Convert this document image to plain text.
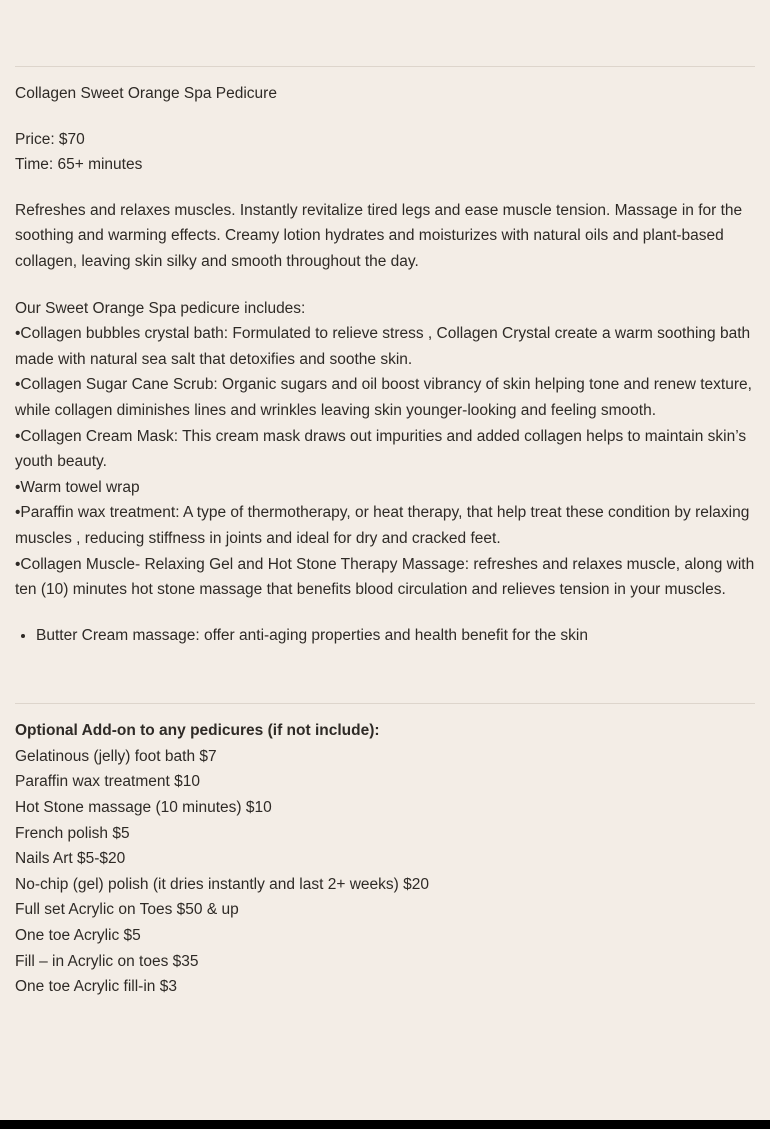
Collagen Sweet Orange Spa Pedicure

Price: $70

Time: 65+ minutes

Refreshes and relaxes muscles. Instantly revitalize tired legs and ease muscle tension. Massage in for the soothing and warming effects. Creamy lotion hydrates and moisturizes with natural oils and plant-based collagen, leaving skin silky and smooth throughout the day.

Our Sweet Orange Spa pedicure includes:

•Collagen bubbles crystal bath: Formulated to relieve stress , Collagen Crystal create a warm soothing bath made with natural sea salt that detoxifies and soothe skin.

•Collagen Sugar Cane Scrub: Organic sugars and oil boost vibrancy of skin helping tone and renew texture, while collagen diminishes lines and wrinkles leaving skin younger-looking and feeling smooth.

•Collagen Cream Mask: This cream mask draws out impurities and added collagen helps to maintain skin’s youth beauty.

•Warm towel wrap

•Paraffin wax treatment: A type of thermotherapy, or heat therapy, that help treat these condition by relaxing muscles , reducing stiffness in joints and ideal for dry and cracked feet.

•Collagen Muscle- Relaxing Gel and Hot Stone Therapy Massage: refreshes and relaxes muscle, along with ten (10) minutes hot stone massage that benefits blood circulation and relieves tension in your muscles.

• Butter Cream massage: offer anti-aging properties and health benefit for the skin

Optional Add-on to any pedicures (if not include):

Gelatinous (jelly) foot bath $7

Paraffin wax treatment $10

Hot Stone massage (10 minutes) $10

French polish $5

Nails Art $5-$20

No-chip (gel) polish (it dries instantly and last 2+ weeks) $20

Full set Acrylic on Toes $50 & up

One toe Acrylic $5

Fill – in Acrylic on toes $35

One toe Acrylic fill-in $3
